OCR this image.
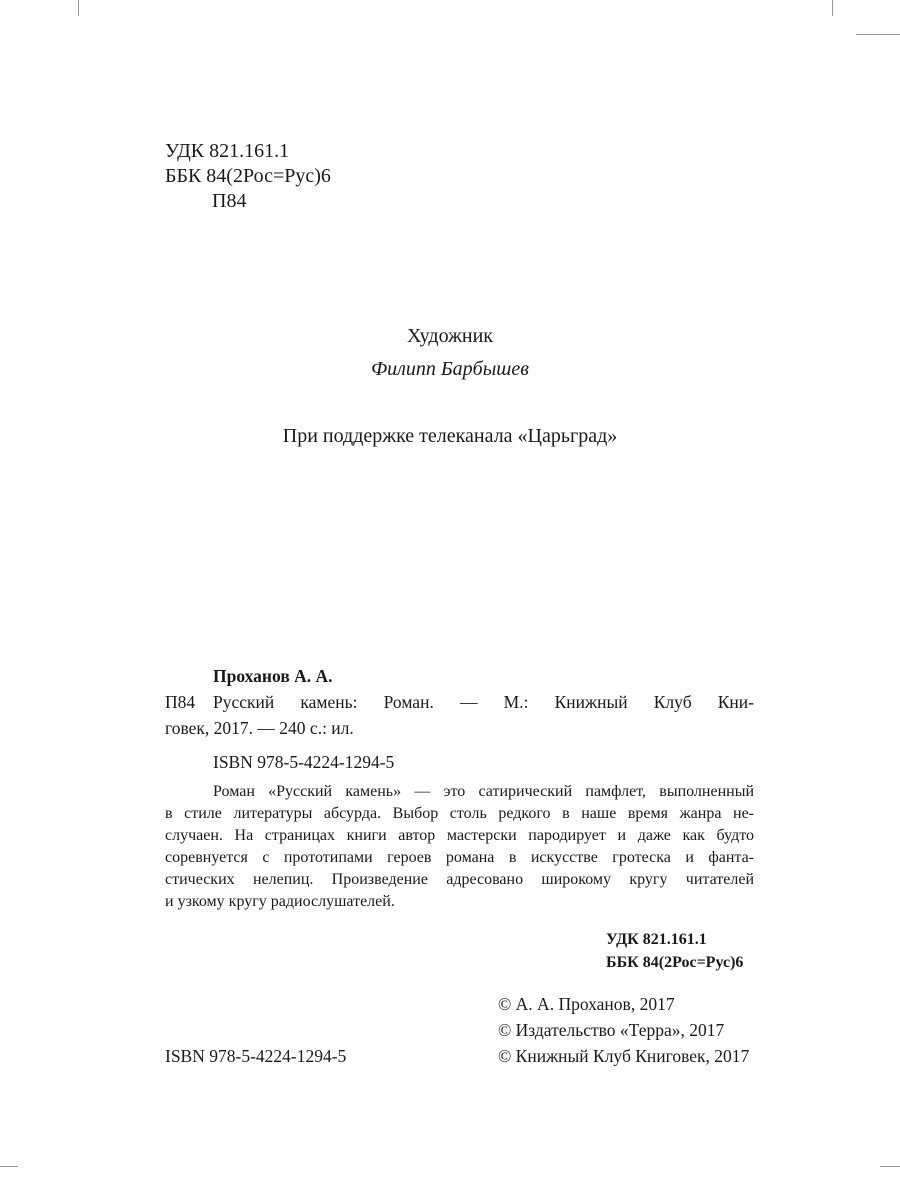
УДК 821.161.1
ББК 84(2Рос=Рус)6
П84
Художник
Филипп Барбышев
При поддержке телеканала «Царьград»
Проханов А. А.
П84 Русский камень: Роман. — М.: Книжный Клуб Кни-
говек, 2017. — 240 с.: ил.
ISBN 978-5-4224-1294-5
Роман «Русский камень» — это сатирический памфлет, выполненный
в стиле литературы абсурда. Выбор столь редкого в наше время жанра не-
случаен. На страницах книги автор мастерски пародирует и даже как будто
соревнуется с прототипами героев романа в искусстве гротеска и фанта-
стических нелепиц. Произведение адресовано широкому кругу читателей
и узкому кругу радиослушателей.
УДК 821.161.1
ББК 84(2Рос=Рус)6
© А. А. Проханов, 2017
© Издательство «Терра», 2017
© Книжный Клуб Книговек, 2017
ISBN 978-5-4224-1294-5
